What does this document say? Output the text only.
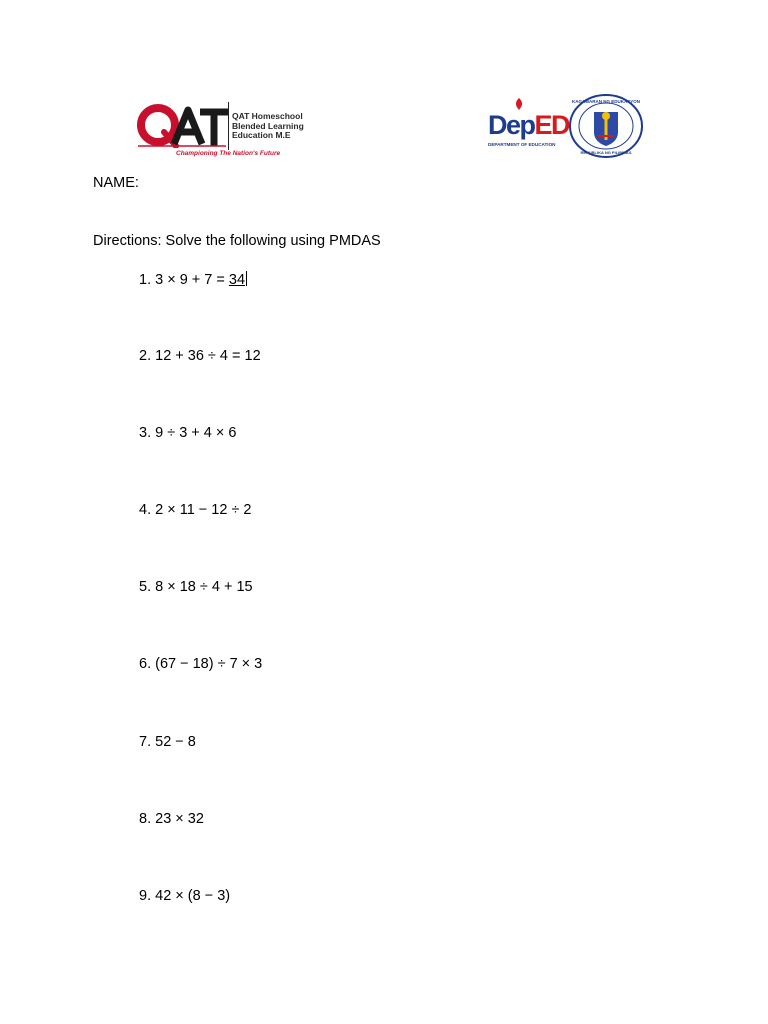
QAT Homeschool
Blended Learning
Education M.E
Championing The Nation's Future
DepED
DEPARTMENT OF EDUCATION
KAGAWARAN NG EDUKASYON
REPUBLIKA NG PILIPINAS
NAME:
Directions: Solve the following using PMDAS
1. 3 × 9 + 7 = 34
2. 12 + 36 ÷ 4 = 12
3. 9 ÷ 3 + 4 × 6
4. 2 × 11 − 12 ÷ 2
5. 8 × 18 ÷ 4 + 15
6. (67 − 18) ÷ 7 × 3
7. 52 − 8
8. 23 × 32
9. 42 × (8 − 3)
